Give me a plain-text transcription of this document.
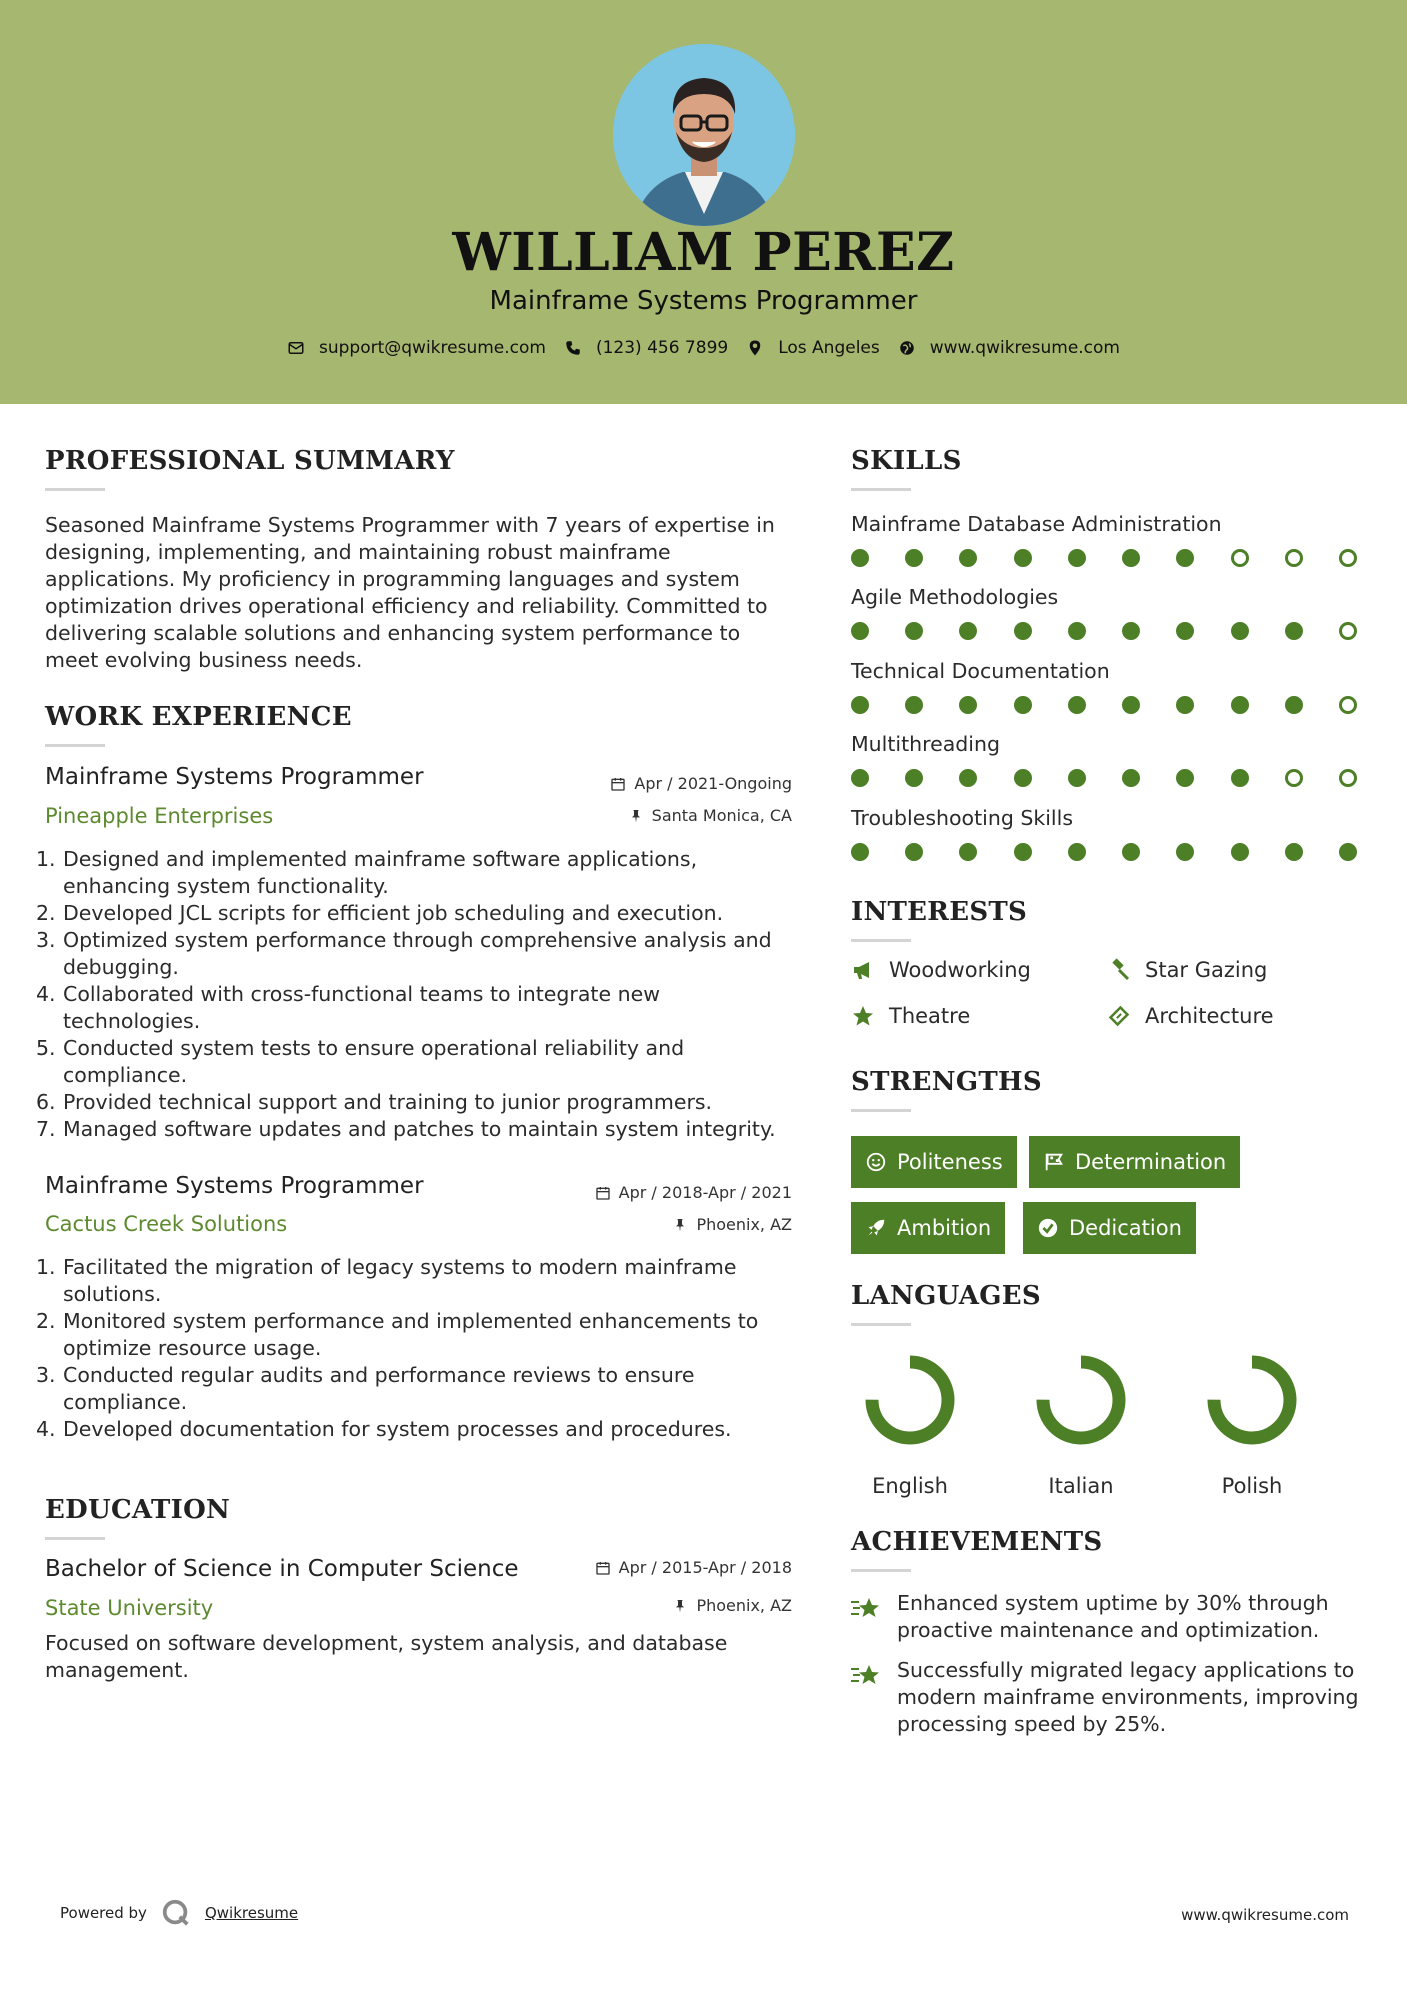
WILLIAM PEREZ
Mainframe Systems Programmer
support@qwikresume.com	(123) 456 7899	Los Angeles	www.qwikresume.com
PROFESSIONAL SUMMARY
Seasoned Mainframe Systems Programmer with 7 years of expertise in designing, implementing, and maintaining robust mainframe applications. My proficiency in programming languages and system optimization drives operational efficiency and reliability. Committed to delivering scalable solutions and enhancing system performance to meet evolving business needs.
WORK EXPERIENCE
Mainframe Systems Programmer	Apr / 2021-Ongoing
Pineapple Enterprises	Santa Monica, CA
Designed and implemented mainframe software applications, enhancing system functionality.
Developed JCL scripts for efficient job scheduling and execution.
Optimized system performance through comprehensive analysis and debugging.
Collaborated with cross-functional teams to integrate new technologies.
Conducted system tests to ensure operational reliability and compliance.
Provided technical support and training to junior programmers.
Managed software updates and patches to maintain system integrity.
Mainframe Systems Programmer	Apr / 2018-Apr / 2021
Cactus Creek Solutions	Phoenix, AZ
Facilitated the migration of legacy systems to modern mainframe solutions.
Monitored system performance and implemented enhancements to optimize resource usage.
Conducted regular audits and performance reviews to ensure compliance.
Developed documentation for system processes and procedures.
EDUCATION
Bachelor of Science in Computer Science	Apr / 2015-Apr / 2018
State University	Phoenix, AZ
Focused on software development, system analysis, and database management.
SKILLS
Mainframe Database Administration
Agile Methodologies
Technical Documentation
Multithreading
Troubleshooting Skills
INTERESTS
Woodworking	Star Gazing
Theatre	Architecture
STRENGTHS
Politeness	Determination
Ambition	Dedication
LANGUAGES
English	Italian	Polish
ACHIEVEMENTS
Enhanced system uptime by 30% through proactive maintenance and optimization.
Successfully migrated legacy applications to modern mainframe environments, improving processing speed by 25%.
Powered by	Qwikresume	www.qwikresume.com
